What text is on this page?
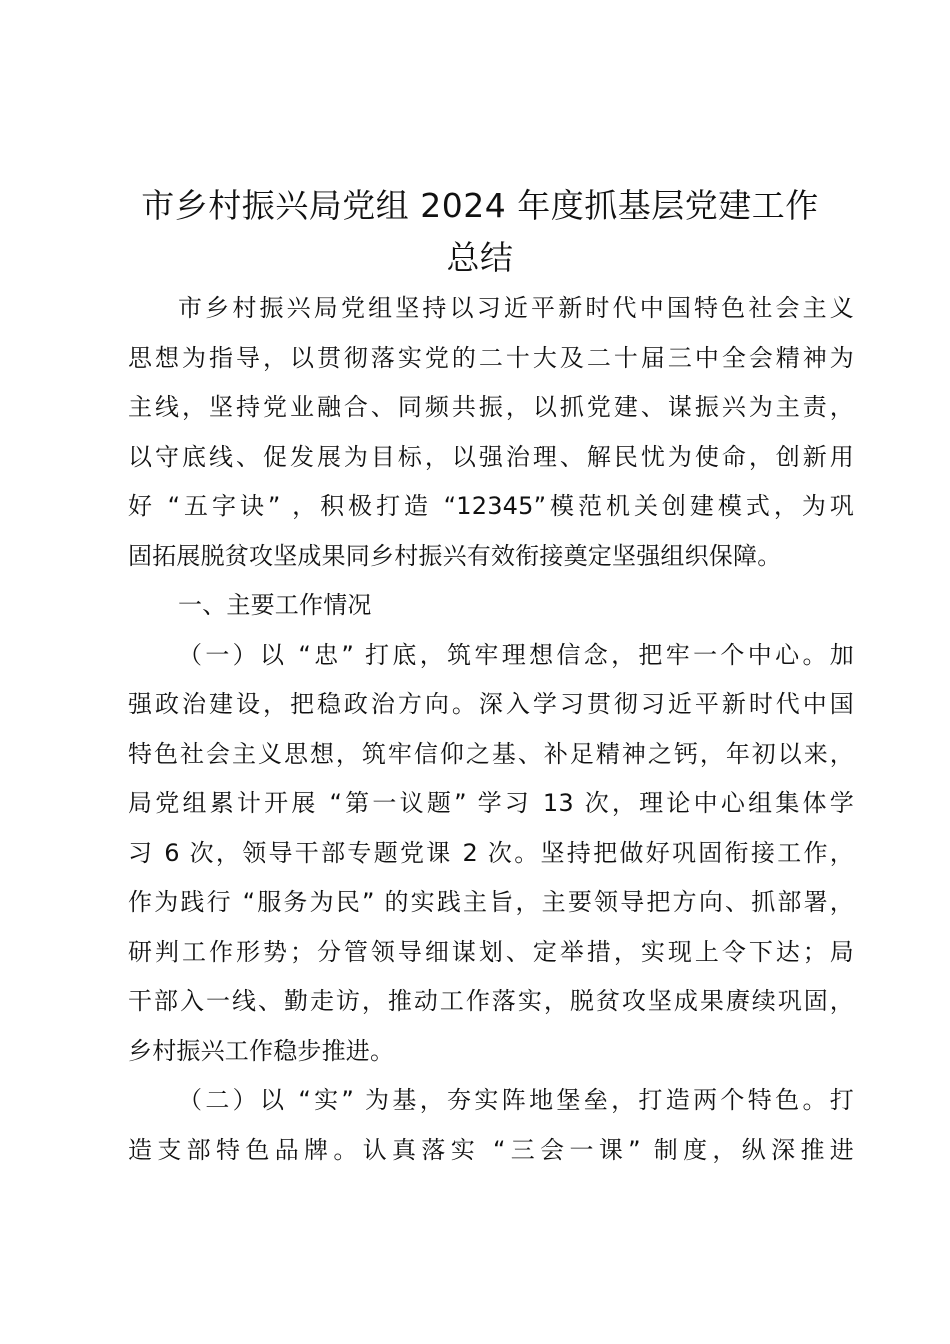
市乡村振兴局党组 2024 年度抓基层党建工作
总结
市乡村振兴局党组坚持以习近平新时代中国特色社会主义
思想为指导，以贯彻落实党的二十大及二十届三中全会精神为
主线，坚持党业融合、同频共振，以抓党建、谋振兴为主责，
以守底线、促发展为目标，以强治理、解民忧为使命，创新用
好 “五字诀” ，积极打造 “12345”模范机关创建模式，为巩
固拓展脱贫攻坚成果同乡村振兴有效衔接奠定坚强组织保障。
一、主要工作情况
（一）以 “忠” 打底，筑牢理想信念，把牢一个中心。加
强政治建设，把稳政治方向。深入学习贯彻习近平新时代中国
特色社会主义思想，筑牢信仰之基、补足精神之钙，年初以来，
局党组累计开展 “第一议题” 学习 13 次，理论中心组集体学
习 6 次，领导干部专题党课 2 次。坚持把做好巩固衔接工作，
作为践行 “服务为民” 的实践主旨，主要领导把方向、抓部署，
研判工作形势；分管领导细谋划、定举措，实现上令下达；局
干部入一线、勤走访，推动工作落实，脱贫攻坚成果赓续巩固，
乡村振兴工作稳步推进。
（二）以 “实” 为基，夯实阵地堡垒，打造两个特色。打
造支部特色品牌。认真落实 “三会一课” 制度，纵深推进
